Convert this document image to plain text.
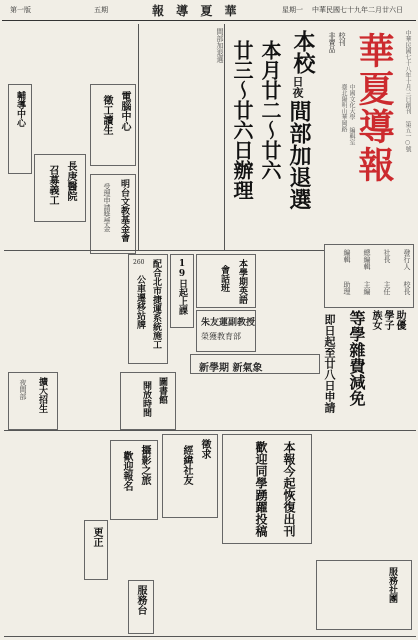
第一版	五期	報 導 夏 華	中華民國七十九年二月廿六日
星期一
華夏導報 中華民國七十八年十月三日創刊 第五一○號
校刊
非賣品
中國文化大學 編輯室
臺北陽明山華岡路
發行人
校長
社長
主任
總編輯
主編
編輯
助理
本校
日夜
間部加退選
本月廿二～廿六
廿三～廿六日辦理
間部加退選
電腦中心
徵工讀生
長庚醫院
召募義工	明台文教基金會
受理申請獎學金
輔導中心
19日起上課
配合北市捷運系統施工
公車遷移站牌
260	本學期英語
會話班
朱友蓮副教授
榮獲教育部
新學期 新氣象
助優
學子
族女
等學雜費減免
即日起至廿八日申請
圖書館
開放時間
擴大招生
夜間部
徵求
經緯社友
攝影之旅
歡迎報名
更正
服務台
本報今起恢復出刊
歡迎同學踴躍投稿
服務社團
